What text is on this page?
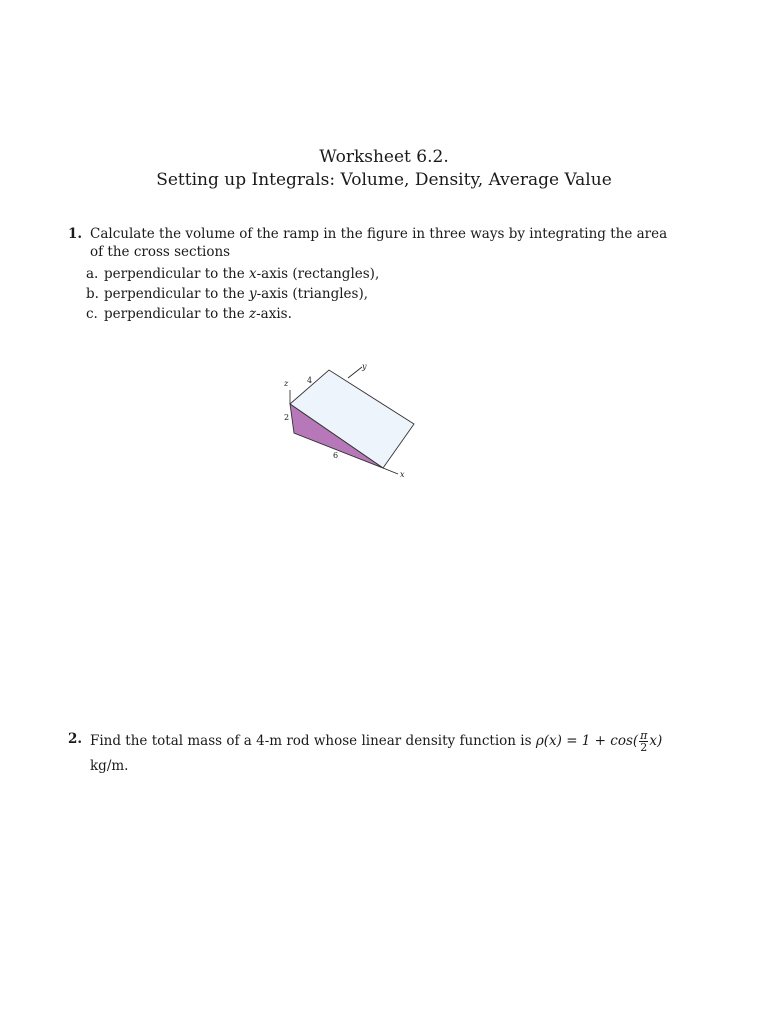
Worksheet 6.2.
Setting up Integrals: Volume, Density, Average Value
1. Calculate the volume of the ramp in the figure in three ways by integrating the area of the cross sections
a. perpendicular to the x-axis (rectangles),
b. perpendicular to the y-axis (triangles),
c. perpendicular to the z-axis.
z 4
y
2
6
x
2. Find the total mass of a 4-m rod whose linear density function is $\rho(x) = 1 + \cos( \frac{\pi}{2} x)$
kg/m.
